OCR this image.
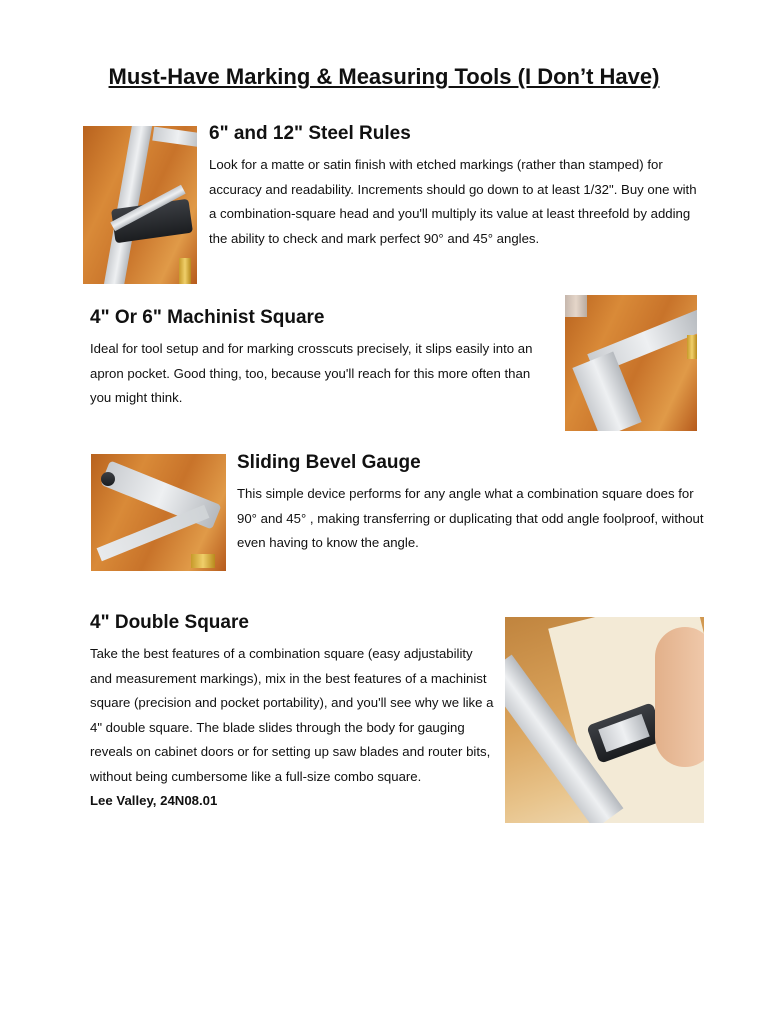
Must-Have Marking & Measuring Tools (I Don’t Have)
6" and 12" Steel Rules

Look for a matte or satin finish with etched markings (rather than stamped) for accuracy and readability. Increments should go down to at least 1/32". Buy one with a combination-square head and you'll multiply its value at least threefold by adding the ability to check and mark perfect 90° and 45° angles.

4" Or 6" Machinist Square

Ideal for tool setup and for marking crosscuts precisely, it slips easily into an apron pocket. Good thing, too, because you'll reach for this more often than you might think.

Sliding Bevel Gauge

This simple device performs for any angle what a combination square does for 90° and 45° , making transferring or duplicating that odd angle foolproof, without even having to know the angle.

4" Double Square

Take the best features of a combination square (easy adjustability and measurement markings), mix in the best features of a machinist square (precision and pocket portability), and you'll see why we like a 4" double square. The blade slides through the body for gauging reveals on cabinet doors or for setting up saw blades and router bits, without being cumbersome like a full-size combo square.

Lee Valley, 24N08.01
